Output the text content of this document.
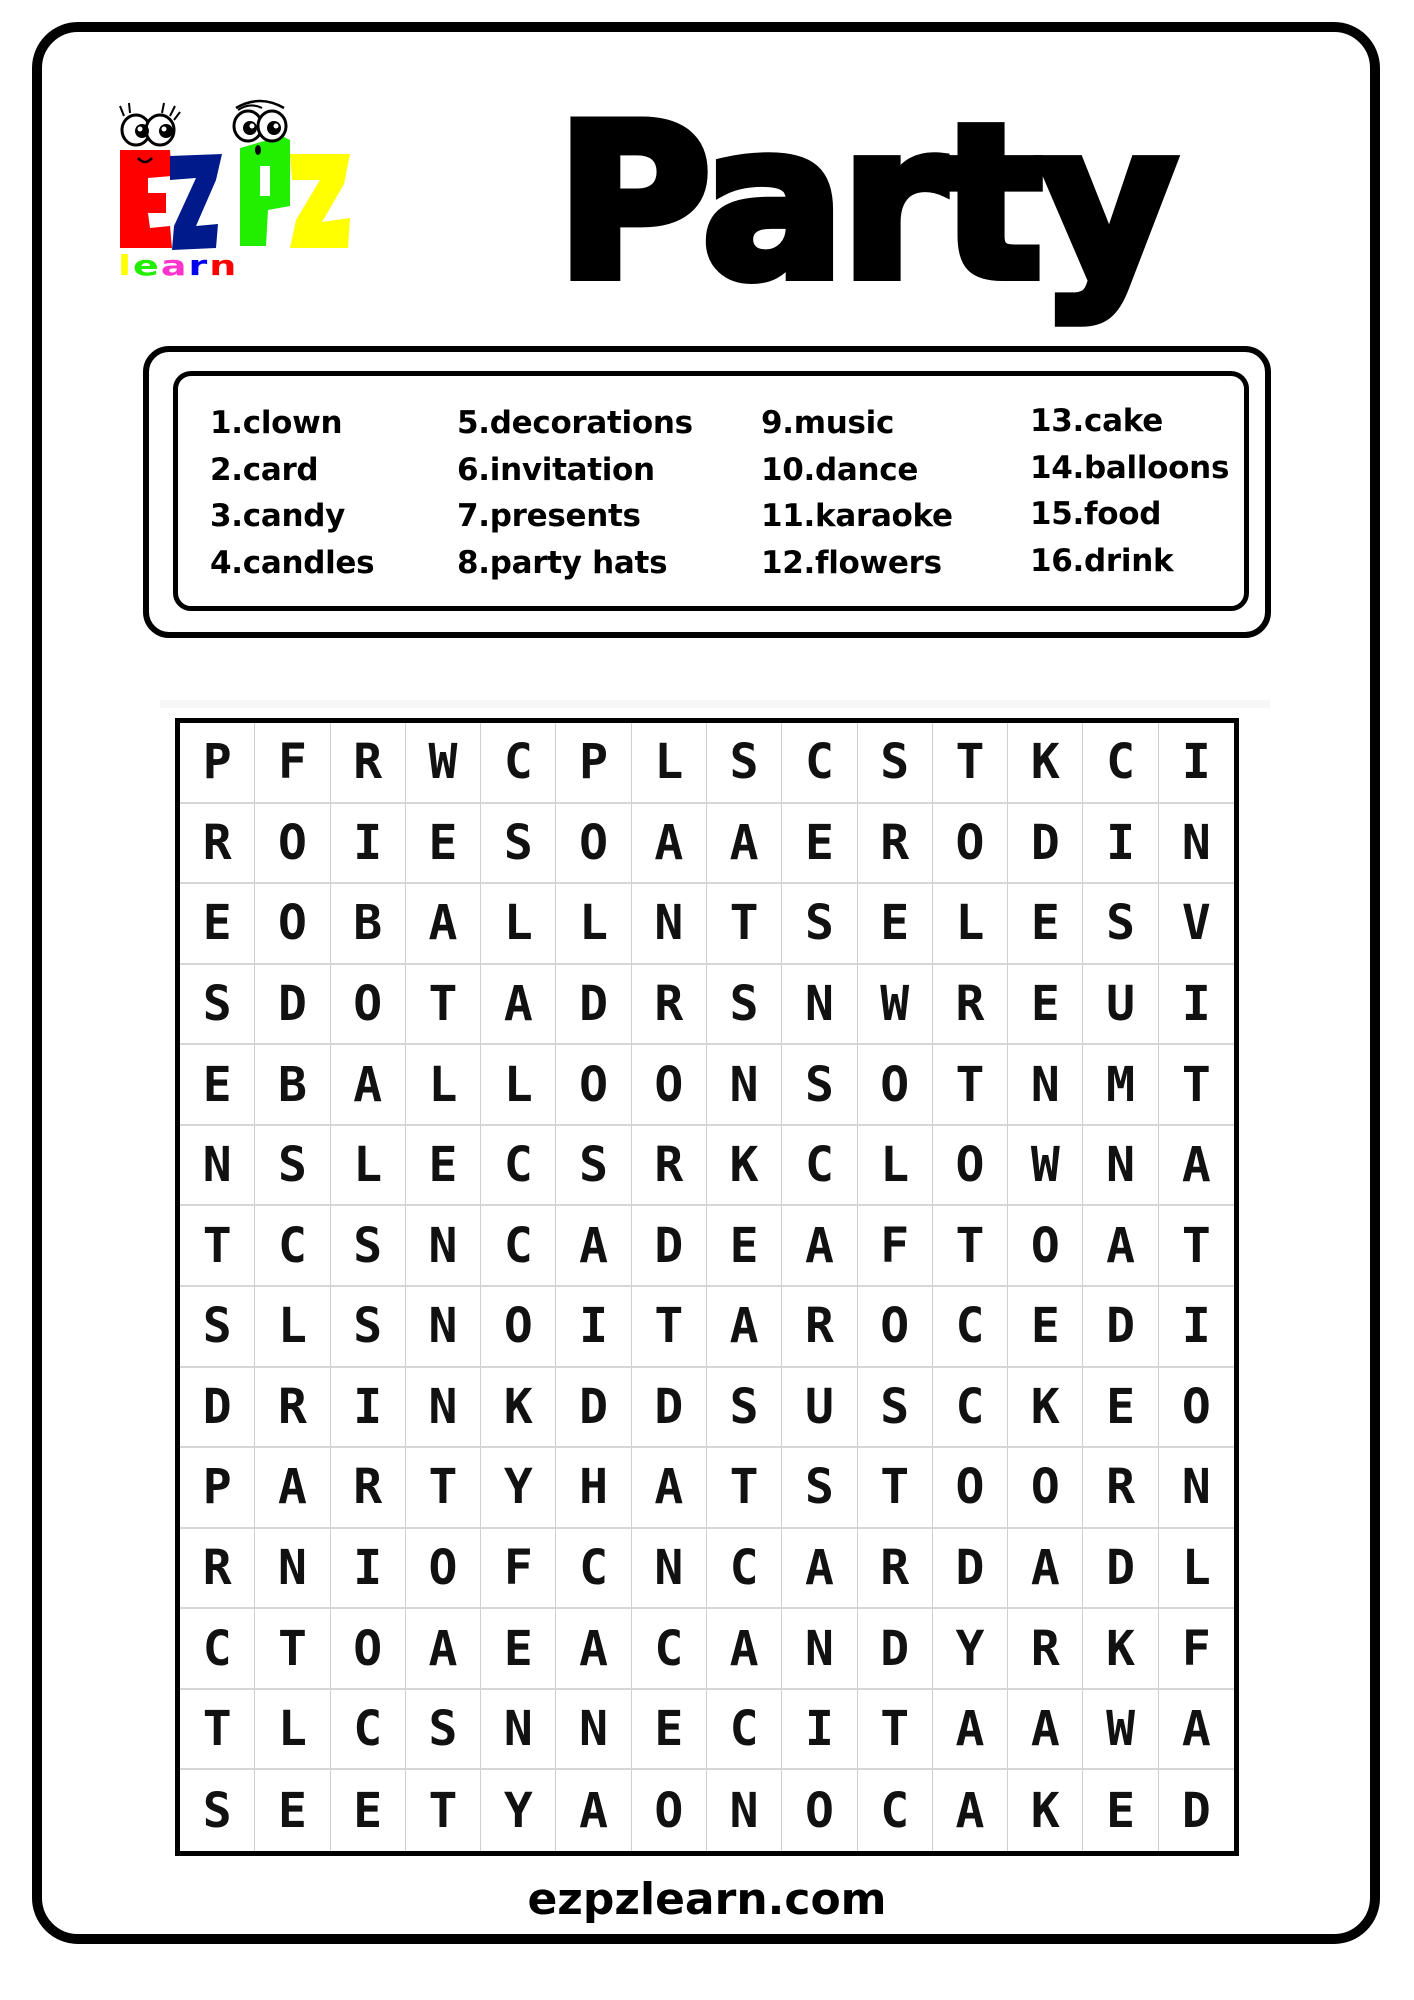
l e a r n Party
1.clown
2.card
3.candy
4.candles
5.decorations
6.invitation
7.presents
8.party hats
9.music
10.dance
11.karaoke
12.flowers
13.cake
14.balloons
15.food
16.drink
P F R W C P L S C S T K C I
R O I E S O A A E R O D I N
E O B A L L N T S E L E S V
S D O T A D R S N W R E U I
E B A L L O O N S O T N M T
N S L E C S R K C L O W N A
T C S N C A D E A F T O A T
S L S N O I T A R O C E D I
D R I N K D D S U S C K E O
P A R T Y H A T S T O O R N
R N I O F C N C A R D A D L
C T O A E A C A N D Y R K F
T L C S N N E C I T A A W A
S E E T Y A O N O C A K E D
ezpzlearn.com
